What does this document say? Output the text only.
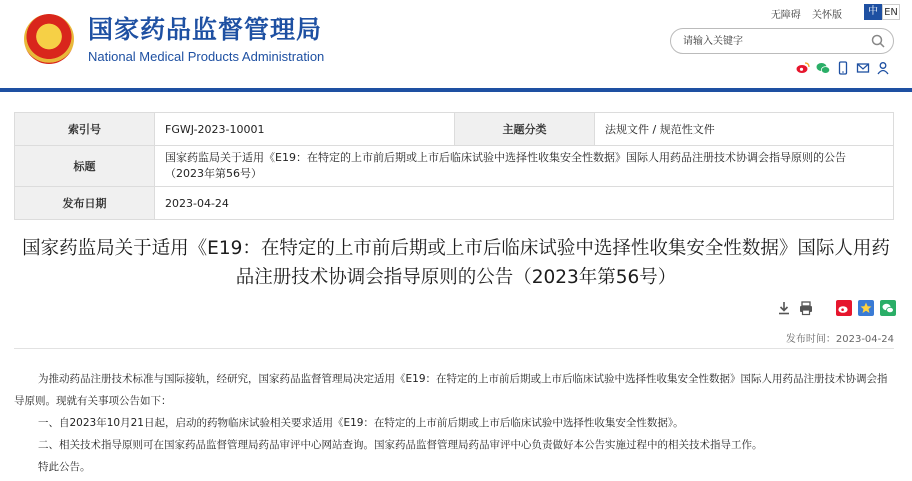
★	国家药品监督管理局
National Medical Products Administration
无障碍 关怀版	中 EN
请输入关键字
索引号	FGWJ-2023-10001	主题分类	法规文件 / 规范性文件
标题	国家药监局关于适用《E19：在特定的上市前后期或上市后临床试验中选择性收集安全性数据》国际人用药品注册技术协调会指导原则的公告（2023年第56号）		
发布日期	2023-04-24		
国家药监局关于适用《E19：在特定的上市前后期或上市后临床试验中选择性收集安全性数据》国际人用药品注册技术协调会指导原则的公告（2023年第56号）
发布时间：2023-04-24

为推动药品注册技术标准与国际接轨，经研究，国家药品监督管理局决定适用《E19：在特定的上市前后期或上市后临床试验中选择性收集安全性数据》国际人用药品注册技术协调会指导原则。现就有关事项公告如下：

一、自2023年10月21日起，启动的药物临床试验相关要求适用《E19：在特定的上市前后期或上市后临床试验中选择性收集安全性数据》。

二、相关技术指导原则可在国家药品监督管理局药品审评中心网站查询。国家药品监督管理局药品审评中心负责做好本公告实施过程中的相关技术指导工作。

特此公告。
